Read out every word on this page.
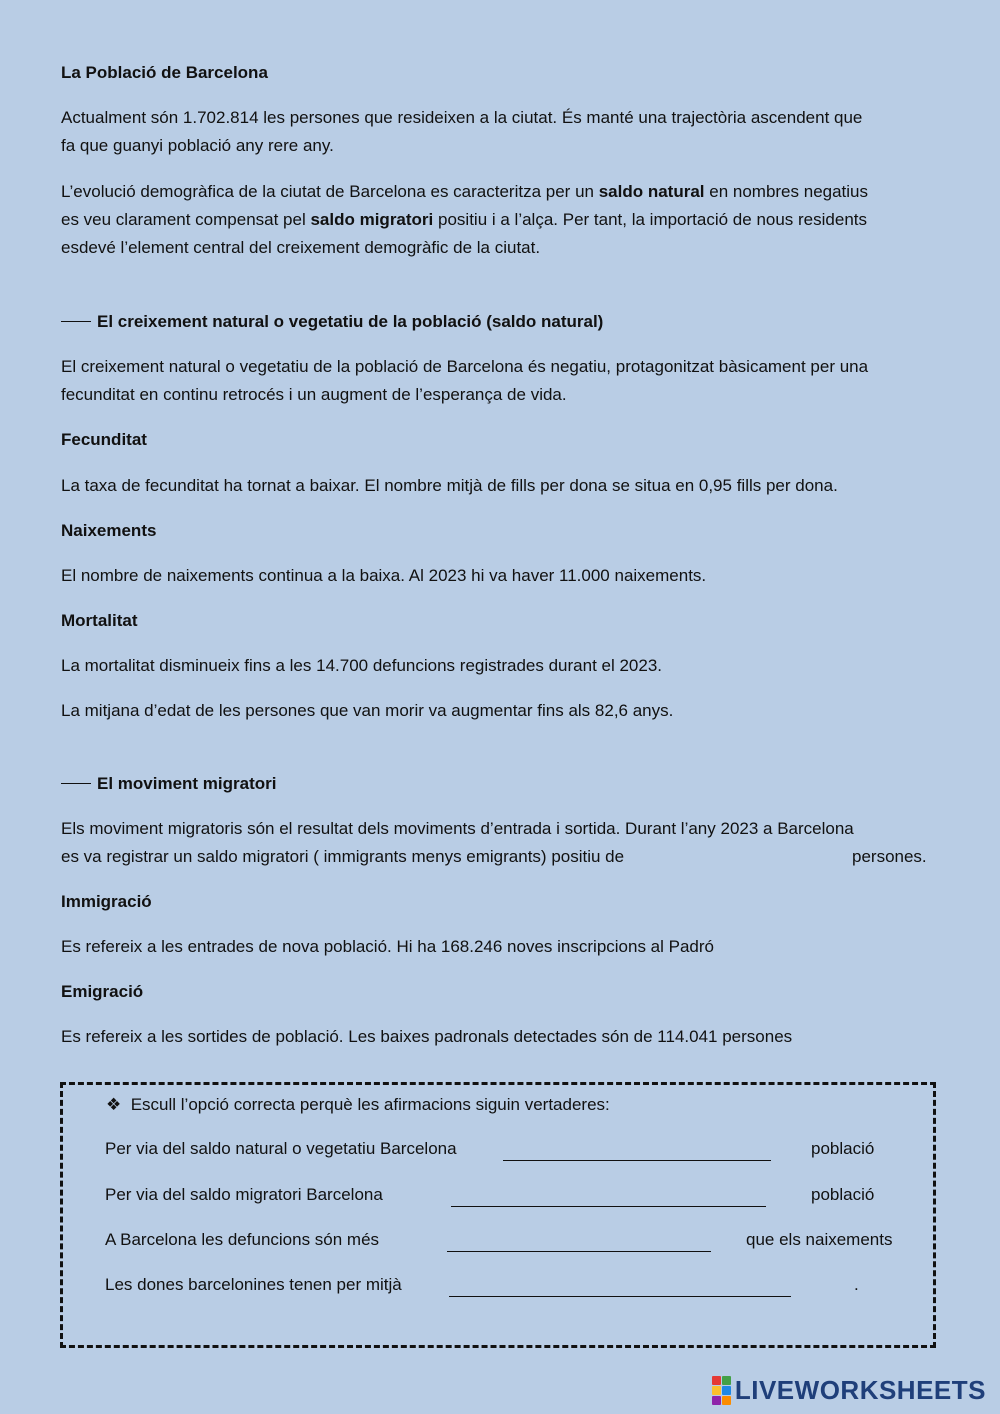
La Població de Barcelona

Actualment són 1.702.814 les persones que resideixen a la ciutat. És manté una trajectòria ascendent que

fa que guanyi població any rere any.

L’evolució demogràfica de la ciutat de Barcelona es caracteritza per un saldo natural en nombres negatius

es veu clarament compensat pel saldo migratori positiu i a l’alça. Per tant, la importació de nous residents

esdevé l’element central del creixement demogràfic de la ciutat.

El creixement natural o vegetatiu de la població (saldo natural)

El creixement natural o vegetatiu de la població de Barcelona és negatiu, protagonitzat bàsicament per una

fecunditat en continu retrocés i un augment de l’esperança de vida.

Fecunditat

La taxa de fecunditat ha tornat a baixar. El nombre mitjà de fills per dona se situa en 0,95 fills per dona.

Naixements

El nombre de naixements continua a la baixa. Al 2023 hi va haver 11.000 naixements.

Mortalitat

La mortalitat disminueix fins a les 14.700 defuncions registrades durant el 2023.

La mitjana d’edat de les persones que van morir va augmentar fins als 82,6 anys.

El moviment migratori

Els moviment migratoris són el resultat dels moviments d’entrada i sortida. Durant l’any 2023 a Barcelona

es va registrar un saldo migratori ( immigrants menys emigrants) positiu de	persones.

Immigració

Es refereix a les entrades de nova població. Hi ha 168.246 noves inscripcions al Padró

Emigració

Es refereix a les sortides de població. Les baixes padronals detectades són de 114.041 persones

❖ Escull l’opció correcta perquè les afirmacions siguin vertaderes:
Per via del saldo natural o vegetatiu Barcelona	població
Per via del saldo migratori Barcelona	població
A Barcelona les defuncions són més	que els naixements
Les dones barcelonines tenen per mitjà	.
LIVEWORKSHEETS
